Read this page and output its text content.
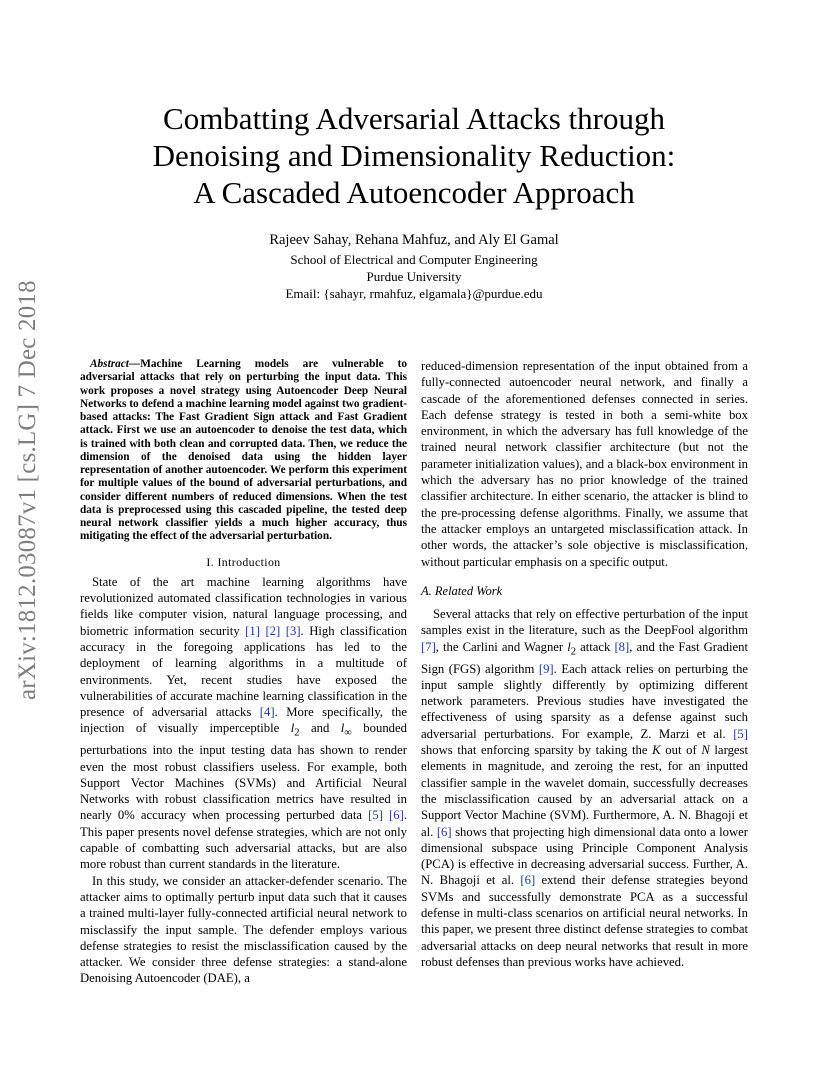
arXiv:1812.03087v1 [cs.LG] 7 Dec 2018
Combatting Adversarial Attacks through
Denoising and Dimensionality Reduction:
A Cascaded Autoencoder Approach
Rajeev Sahay, Rehana Mahfuz, and Aly El Gamal
School of Electrical and Computer Engineering
Purdue University
Email: {sahayr, rmahfuz, elgamala}@purdue.edu

Abstract—Machine Learning models are vulnerable to adversarial attacks that rely on perturbing the input data. This work proposes a novel strategy using Autoencoder Deep Neural Networks to defend a machine learning model against two gradient-based attacks: The Fast Gradient Sign attack and Fast Gradient attack. First we use an autoencoder to denoise the test data, which is trained with both clean and corrupted data. Then, we reduce the dimension of the denoised data using the hidden layer representation of another autoencoder. We perform this experiment for multiple values of the bound of adversarial perturbations, and consider different numbers of reduced dimensions. When the test data is preprocessed using this cascaded pipeline, the tested deep neural network classifier yields a much higher accuracy, thus mitigating the effect of the adversarial perturbation.

I. Introduction

State of the art machine learning algorithms have revolutionized automated classification technologies in various fields like computer vision, natural language processing, and biometric information security [1] [2] [3]. High classification accuracy in the foregoing applications has led to the deployment of learning algorithms in a multitude of environments. Yet, recent studies have exposed the vulnerabilities of accurate machine learning classification in the presence of adversarial attacks [4]. More specifically, the injection of visually imperceptible $l_2$ and $l_\infty$ bounded perturbations into the input testing data has shown to render even the most robust classifiers useless. For example, both Support Vector Machines (SVMs) and Artificial Neural Networks with robust classification metrics have resulted in nearly 0% accuracy when processing perturbed data [5] [6]. This paper presents novel defense strategies, which are not only capable of combatting such adversarial attacks, but are also more robust than current standards in the literature.

In this study, we consider an attacker-defender scenario. The attacker aims to optimally perturb input data such that it causes a trained multi-layer fully-connected artificial neural network to misclassify the input sample. The defender employs various defense strategies to resist the misclassification caused by the attacker. We consider three defense strategies: a stand-alone Denoising Autoencoder (DAE), a

reduced-dimension representation of the input obtained from a fully-connected autoencoder neural network, and finally a cascade of the aforementioned defenses connected in series. Each defense strategy is tested in both a semi-white box environment, in which the adversary has full knowledge of the trained neural network classifier architecture (but not the parameter initialization values), and a black-box environment in which the adversary has no prior knowledge of the trained classifier architecture. In either scenario, the attacker is blind to the pre-processing defense algorithms. Finally, we assume that the attacker employs an untargeted misclassification attack. In other words, the attacker’s sole objective is misclassification, without particular emphasis on a specific output.

A. Related Work

Several attacks that rely on effective perturbation of the input samples exist in the literature, such as the DeepFool algorithm [7], the Carlini and Wagner $l_2$ attack [8], and the Fast Gradient Sign (FGS) algorithm [9]. Each attack relies on perturbing the input sample slightly differently by optimizing different network parameters. Previous studies have investigated the effectiveness of using sparsity as a defense against such adversarial perturbations. For example, Z. Marzi et al. [5] shows that enforcing sparsity by taking the K out of N largest elements in magnitude, and zeroing the rest, for an inputted classifier sample in the wavelet domain, successfully decreases the misclassification caused by an adversarial attack on a Support Vector Machine (SVM). Furthermore, A. N. Bhagoji et al. [6] shows that projecting high dimensional data onto a lower dimensional subspace using Principle Component Analysis (PCA) is effective in decreasing adversarial success. Further, A. N. Bhagoji et al. [6] extend their defense strategies beyond SVMs and successfully demonstrate PCA as a successful defense in multi-class scenarios on artificial neural networks. In this paper, we present three distinct defense strategies to combat adversarial attacks on deep neural networks that result in more robust defenses than previous works have achieved.
